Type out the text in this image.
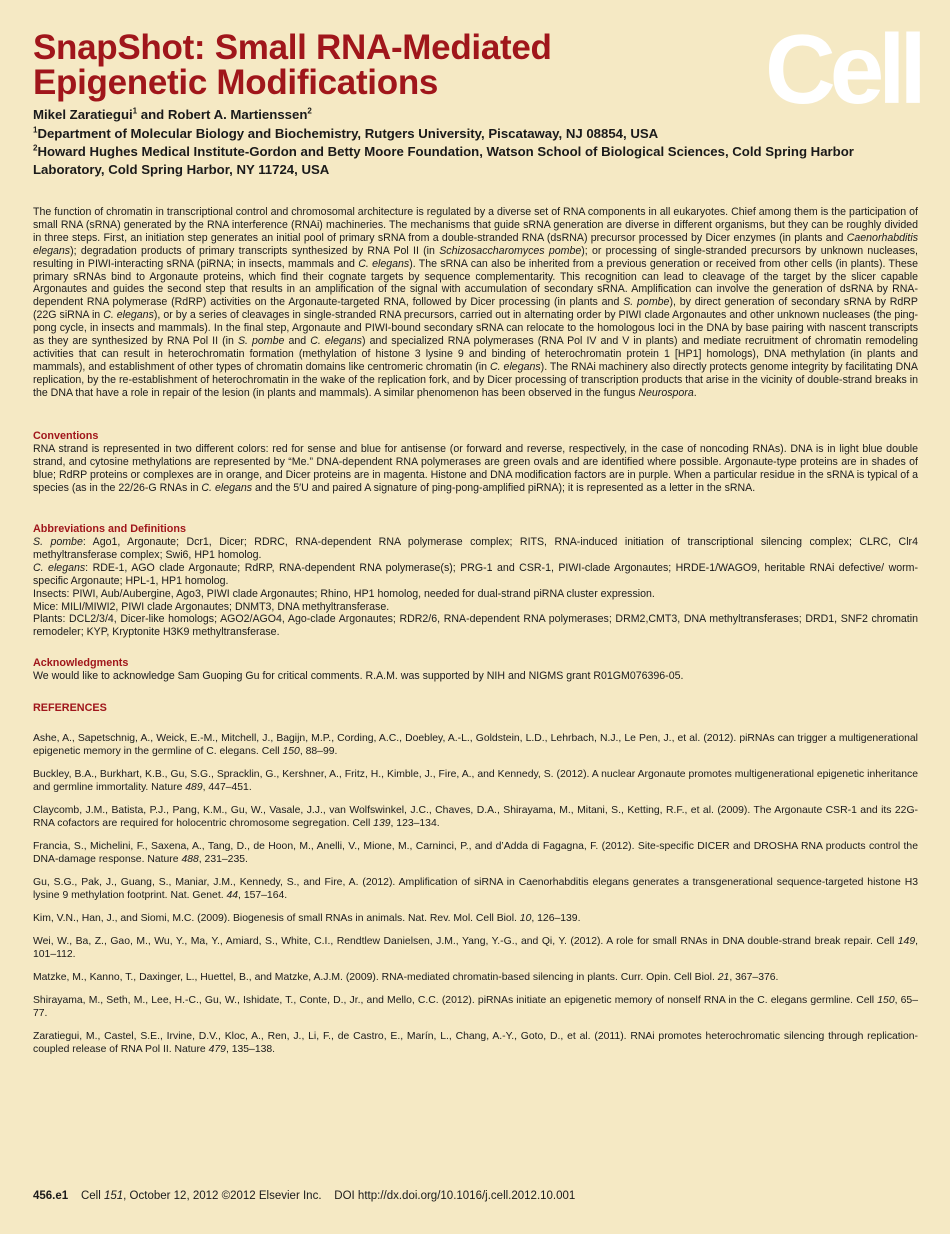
SnapShot: Small RNA-Mediated
Epigenetic Modifications	Cell
Mikel Zaratiegui$^1$ and Robert A. Martienssen$^2$

$^1$Department of Molecular Biology and Biochemistry, Rutgers University, Piscataway, NJ 08854, USA

$^2$Howard Hughes Medical Institute-Gordon and Betty Moore Foundation, Watson School of Biological Sciences, Cold Spring Harbor Laboratory, Cold Spring Harbor, NY 11724, USA

The function of chromatin in transcriptional control and chromosomal architecture is regulated by a diverse set of RNA components in all eukaryotes. Chief among them is the participation of small RNA (sRNA) generated by the RNA interference (RNAi) machineries. The mechanisms that guide sRNA generation are diverse in different organisms, but they can be roughly divided in three steps. First, an initiation step generates an initial pool of primary sRNA from a double-stranded RNA (dsRNA) precursor processed by Dicer enzymes (in plants and Caenorhabditis elegans); degradation products of primary transcripts synthesized by RNA Pol II (in Schizosaccharomyces pombe); or processing of single-stranded precursors by unknown nucleases, resulting in PIWI-interacting sRNA (piRNA; in insects, mammals and C. elegans). The sRNA can also be inherited from a previous generation or received from other cells (in plants). These primary sRNAs bind to Argonaute proteins, which find their cognate targets by sequence complementarity. This recognition can lead to cleavage of the target by the slicer capable Argonautes and guides the second step that results in an amplification of the signal with accumulation of secondary sRNA. Amplification can involve the generation of dsRNA by RNA-dependent RNA polymerase (RdRP) activities on the Argonaute-targeted RNA, followed by Dicer processing (in plants and S. pombe), by direct generation of secondary sRNA by RdRP (22G siRNA in C. elegans), or by a series of cleavages in single-stranded RNA precursors, carried out in alternating order by PIWI clade Argonautes and other unknown nucleases (the ping-pong cycle, in insects and mammals). In the final step, Argonaute and PIWI-bound secondary sRNA can relocate to the homologous loci in the DNA by base pairing with nascent transcripts as they are synthesized by RNA Pol II (in S. pombe and C. elegans) and specialized RNA polymerases (RNA Pol IV and V in plants) and mediate recruitment of chromatin remodeling activities that can result in heterochromatin formation (methylation of histone 3 lysine 9 and binding of heterochromatin protein 1 [HP1] homologs), DNA methylation (in plants and mammals), and establishment of other types of chromatin domains like centromeric chromatin (in C. elegans). The RNAi machinery also directly protects genome integrity by facilitating DNA replication, by the re-establishment of heterochromatin in the wake of the replication fork, and by Dicer processing of transcription products that arise in the vicinity of double-strand breaks in the DNA that have a role in repair of the lesion (in plants and mammals). A similar phenomenon has been observed in the fungus Neurospora.

Conventions

RNA strand is represented in two different colors: red for sense and blue for antisense (or forward and reverse, respectively, in the case of noncoding RNAs). DNA is in light blue double strand, and cytosine methylations are represented by “Me.” DNA-dependent RNA polymerases are green ovals and are identified where possible. Argonaute-type proteins are in shades of blue; RdRP proteins or complexes are in orange, and Dicer proteins are in magenta. Histone and DNA modification factors are in purple. When a particular residue in the sRNA is typical of a species (as in the 22/26-G RNAs in C. elegans and the 5′U and paired A signature of ping-pong-amplified piRNA); it is represented as a letter in the sRNA.

Abbreviations and Definitions

S. pombe: Ago1, Argonaute; Dcr1, Dicer; RDRC, RNA-dependent RNA polymerase complex; RITS, RNA-induced initiation of transcriptional silencing complex; CLRC, Clr4 methyltransferase complex; Swi6, HP1 homolog.

C. elegans: RDE-1, AGO clade Argonaute; RdRP, RNA-dependent RNA polymerase(s); PRG-1 and CSR-1, PIWI-clade Argonautes; HRDE-1/WAGO9, heritable RNAi defective/ worm-specific Argonaute; HPL-1, HP1 homolog.

Insects: PIWI, Aub/Aubergine, Ago3, PIWI clade Argonautes; Rhino, HP1 homolog, needed for dual-strand piRNA cluster expression.

Mice: MILI/MIWI2, PIWI clade Argonautes; DNMT3, DNA methyltransferase.

Plants: DCL2/3/4, Dicer-like homologs; AGO2/AGO4, Ago-clade Argonautes; RDR2/6, RNA-dependent RNA polymerases; DRM2,CMT3, DNA methyltransferases; DRD1, SNF2 chromatin remodeler; KYP, Kryptonite H3K9 methyltransferase.

Acknowledgments

We would like to acknowledge Sam Guoping Gu for critical comments. R.A.M. was supported by NIH and NIGMS grant R01GM076396-05.

REFERENCES

Ashe, A., Sapetschnig, A., Weick, E.-M., Mitchell, J., Bagijn, M.P., Cording, A.C., Doebley, A.-L., Goldstein, L.D., Lehrbach, N.J., Le Pen, J., et al. (2012). piRNAs can trigger a multigenerational epigenetic memory in the germline of C. elegans. Cell 150, 88–99.

Buckley, B.A., Burkhart, K.B., Gu, S.G., Spracklin, G., Kershner, A., Fritz, H., Kimble, J., Fire, A., and Kennedy, S. (2012). A nuclear Argonaute promotes multigenerational epigenetic inheritance and germline immortality. Nature 489, 447–451.

Claycomb, J.M., Batista, P.J., Pang, K.M., Gu, W., Vasale, J.J., van Wolfswinkel, J.C., Chaves, D.A., Shirayama, M., Mitani, S., Ketting, R.F., et al. (2009). The Argonaute CSR-1 and its 22G-RNA cofactors are required for holocentric chromosome segregation. Cell 139, 123–134.

Francia, S., Michelini, F., Saxena, A., Tang, D., de Hoon, M., Anelli, V., Mione, M., Carninci, P., and d’Adda di Fagagna, F. (2012). Site-specific DICER and DROSHA RNA products control the DNA-damage response. Nature 488, 231–235.

Gu, S.G., Pak, J., Guang, S., Maniar, J.M., Kennedy, S., and Fire, A. (2012). Amplification of siRNA in Caenorhabditis elegans generates a transgenerational sequence-targeted histone H3 lysine 9 methylation footprint. Nat. Genet. 44, 157–164.

Kim, V.N., Han, J., and Siomi, M.C. (2009). Biogenesis of small RNAs in animals. Nat. Rev. Mol. Cell Biol. 10, 126–139.

Wei, W., Ba, Z., Gao, M., Wu, Y., Ma, Y., Amiard, S., White, C.I., Rendtlew Danielsen, J.M., Yang, Y.-G., and Qi, Y. (2012). A role for small RNAs in DNA double-strand break repair. Cell 149, 101–112.

Matzke, M., Kanno, T., Daxinger, L., Huettel, B., and Matzke, A.J.M. (2009). RNA-mediated chromatin-based silencing in plants. Curr. Opin. Cell Biol. 21, 367–376.

Shirayama, M., Seth, M., Lee, H.-C., Gu, W., Ishidate, T., Conte, D., Jr., and Mello, C.C. (2012). piRNAs initiate an epigenetic memory of nonself RNA in the C. elegans germline. Cell 150, 65–77.

Zaratiegui, M., Castel, S.E., Irvine, D.V., Kloc, A., Ren, J., Li, F., de Castro, E., Marín, L., Chang, A.-Y., Goto, D., et al. (2011). RNAi promotes heterochromatic silencing through replication-coupled release of RNA Pol II. Nature 479, 135–138.

456.e1 Cell 151, October 12, 2012 ©2012 Elsevier Inc. DOI http://dx.doi.org/10.1016/j.cell.2012.10.001
